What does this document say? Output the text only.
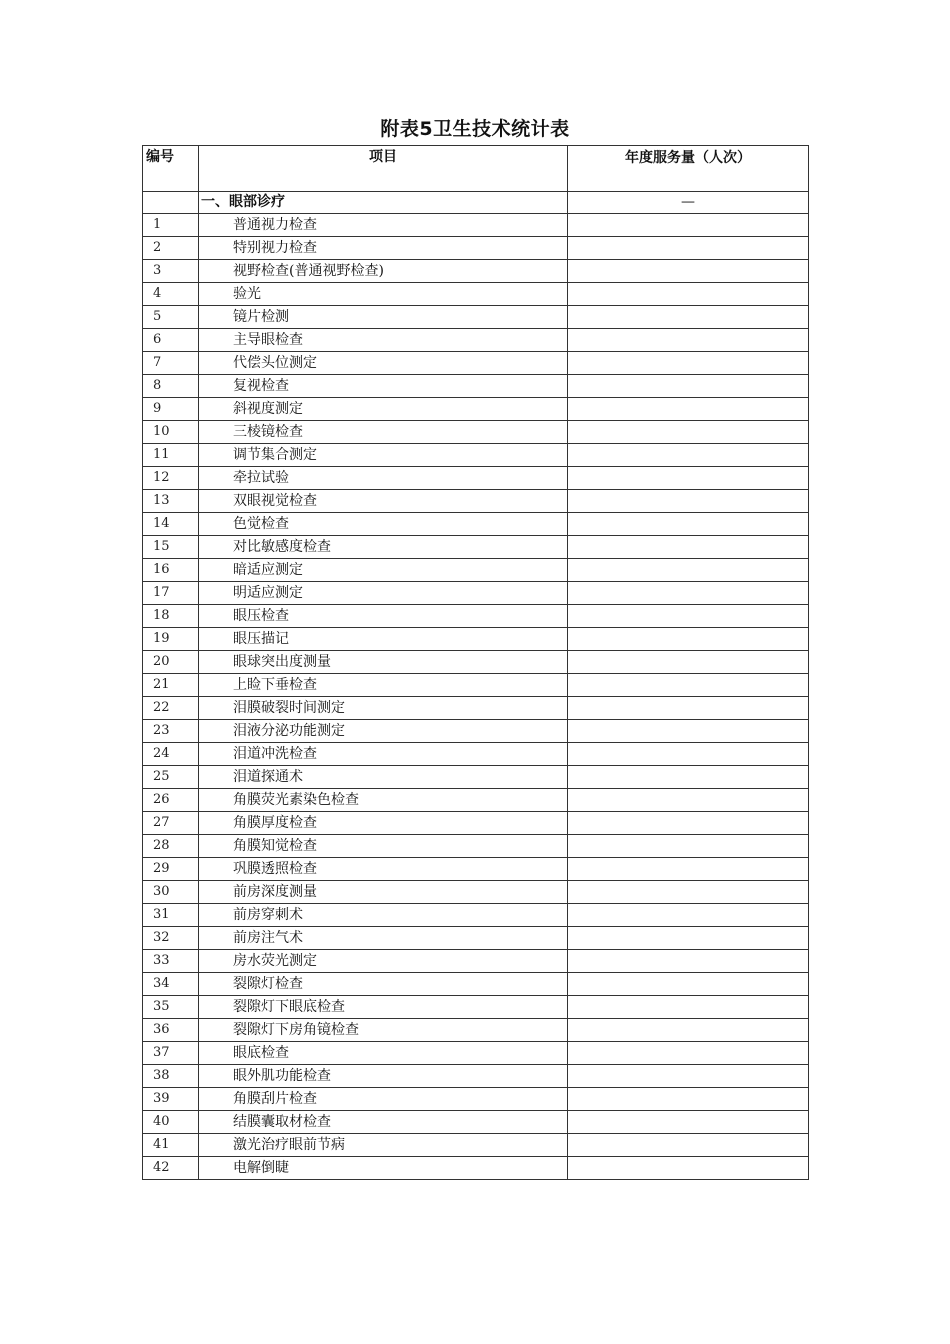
附表5卫生技术统计表
编号	项目	年度服务量（人次）
	一、眼部诊疗	—
1	普通视力检查	
2	特别视力检查	
3	视野检查(普通视野检查)	
4	验光	
5	镜片检测	
6	主导眼检查	
7	代偿头位测定	
8	复视检查	
9	斜视度测定	
10	三棱镜检查	
11	调节集合测定	
12	牵拉试验	
13	双眼视觉检查	
14	色觉检查	
15	对比敏感度检查	
16	暗适应测定	
17	明适应测定	
18	眼压检查	
19	眼压描记	
20	眼球突出度测量	
21	上睑下垂检查	
22	泪膜破裂时间测定	
23	泪液分泌功能测定	
24	泪道冲洗检查	
25	泪道探通术	
26	角膜荧光素染色检查	
27	角膜厚度检查	
28	角膜知觉检查	
29	巩膜透照检查	
30	前房深度测量	
31	前房穿刺术	
32	前房注气术	
33	房水荧光测定	
34	裂隙灯检查	
35	裂隙灯下眼底检查	
36	裂隙灯下房角镜检查	
37	眼底检查	
38	眼外肌功能检查	
39	角膜刮片检查	
40	结膜囊取材检查	
41	激光治疗眼前节病	
42	电解倒睫	
